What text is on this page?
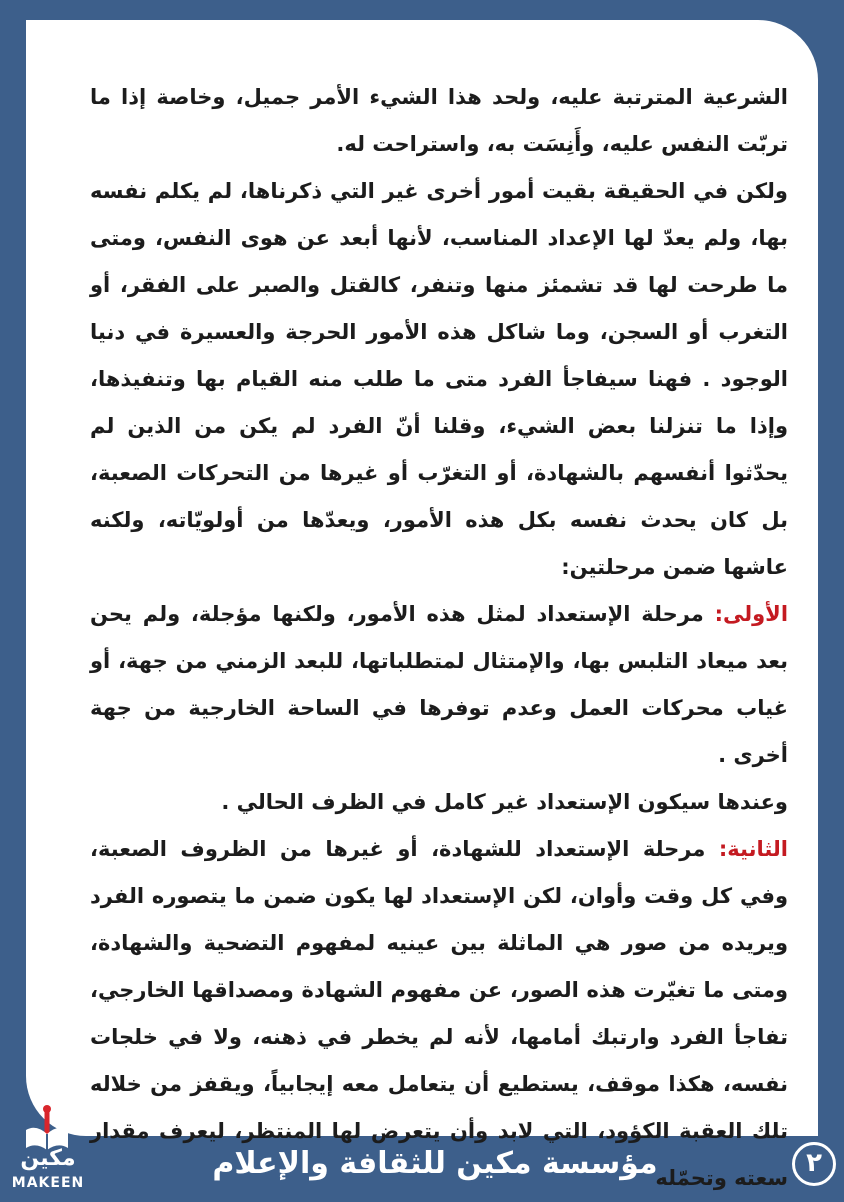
الشرعية المترتبة عليه، ولحد هذا الشيء الأمر جميل، وخاصة إذا ما تربّت النفس عليه، وأَنِسَت به، واستراحت له.

ولكن في الحقيقة بقيت أمور أخرى غير التي ذكرناها، لم يكلم نفسه بها، ولم يعدّ لها الإعداد المناسب، لأنها أبعد عن هوى النفس، ومتى ما طرحت لها قد تشمئز منها وتنفر، كالقتل والصبر على الفقر، أو التغرب أو السجن، وما شاكل هذه الأمور الحرجة والعسيرة في دنيا الوجود . فهنا سيفاجأ الفرد متى ما طلب منه القيام بها وتنفيذها، وإذا ما تنزلنا بعض الشيء، وقلنا أنّ الفرد لم يكن من الذين لم يحدّثوا أنفسهم بالشهادة، أو التغرّب أو غيرها من التحركات الصعبة، بل كان يحدث نفسه بكل هذه الأمور، ويعدّها من أولويّاته، ولكنه عاشها ضمن مرحلتين:

الأولى: مرحلة الإستعداد لمثل هذه الأمور، ولكنها مؤجلة، ولم يحن بعد ميعاد التلبس بها، والإمتثال لمتطلباتها، للبعد الزمني من جهة، أو غياب محركات العمل وعدم توفرها في الساحة الخارجية من جهة أخرى .

وعندها سيكون الإستعداد غير كامل في الظرف الحالي .

الثانية: مرحلة الإستعداد للشهادة، أو غيرها من الظروف الصعبة، وفي كل وقت وأوان، لكن الإستعداد لها يكون ضمن ما يتصوره الفرد ويريده من صور هي الماثلة بين عينيه لمفهوم التضحية والشهادة، ومتى ما تغيّرت هذه الصور، عن مفهوم الشهادة ومصداقها الخارجي، تفاجأ الفرد وارتبك أمامها، لأنه لم يخطر في ذهنه، ولا في خلجات نفسه، هكذا موقف، يستطيع أن يتعامل معه إيجابياً، ويقفز من خلاله تلك العقبة الكؤود، التي لابد وأن يتعرض لها المنتظر، ليعرف مقدار سعته وتحمّله

مؤسسة مكين للثقافة والإعلام	٢
مكين
MAKEEN
